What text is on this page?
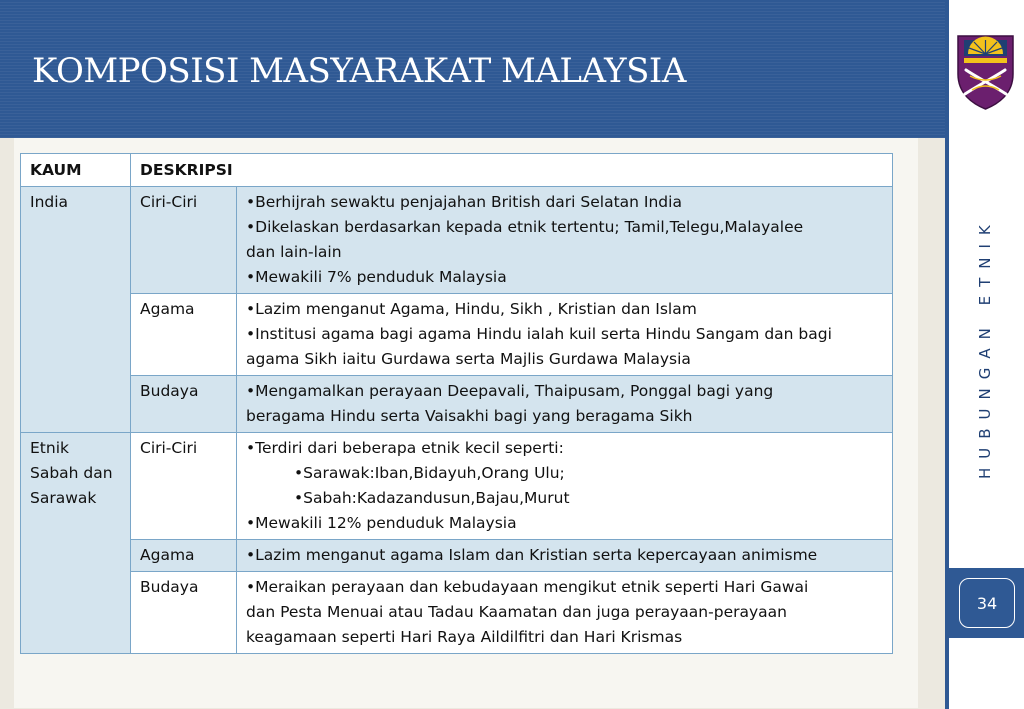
KOMPOSISI MASYARAKAT MALAYSIA
HUBUNGAN ETNIK
34
KAUM	DESKRIPSI	

India	Ciri-Ciri	•Berhijrah sewaktu penjajahan British dari Selatan India
•Dikelaskan berdasarkan kepada etnik tertentu; Tamil,Telegu,Malayalee
dan lain-lain
•Mewakili 7% penduduk Malaysia

	Agama	•Lazim menganut Agama, Hindu, Sikh , Kristian dan Islam
•Institusi agama bagi agama Hindu ialah kuil serta Hindu Sangam dan bagi
agama Sikh iaitu Gurdawa serta Majlis Gurdawa Malaysia

	Budaya	•Mengamalkan perayaan Deepavali, Thaipusam, Ponggal bagi yang
beragama Hindu serta Vaisakhi bagi yang beragama Sikh

Etnik
Sabah dan
Sarawak	Ciri-Ciri	•Terdiri dari beberapa etnik kecil seperti:
•Sarawak:Iban,Bidayuh,Orang Ulu;
•Sabah:Kadazandusun,Bajau,Murut
•Mewakili 12% penduduk Malaysia

	Agama	•Lazim menganut agama Islam dan Kristian serta kepercayaan animisme

	Budaya	•Meraikan perayaan dan kebudayaan mengikut etnik seperti Hari Gawai
dan Pesta Menuai atau Tadau Kaamatan dan juga perayaan-perayaan
keagamaan seperti Hari Raya Aildilfitri dan Hari Krismas
